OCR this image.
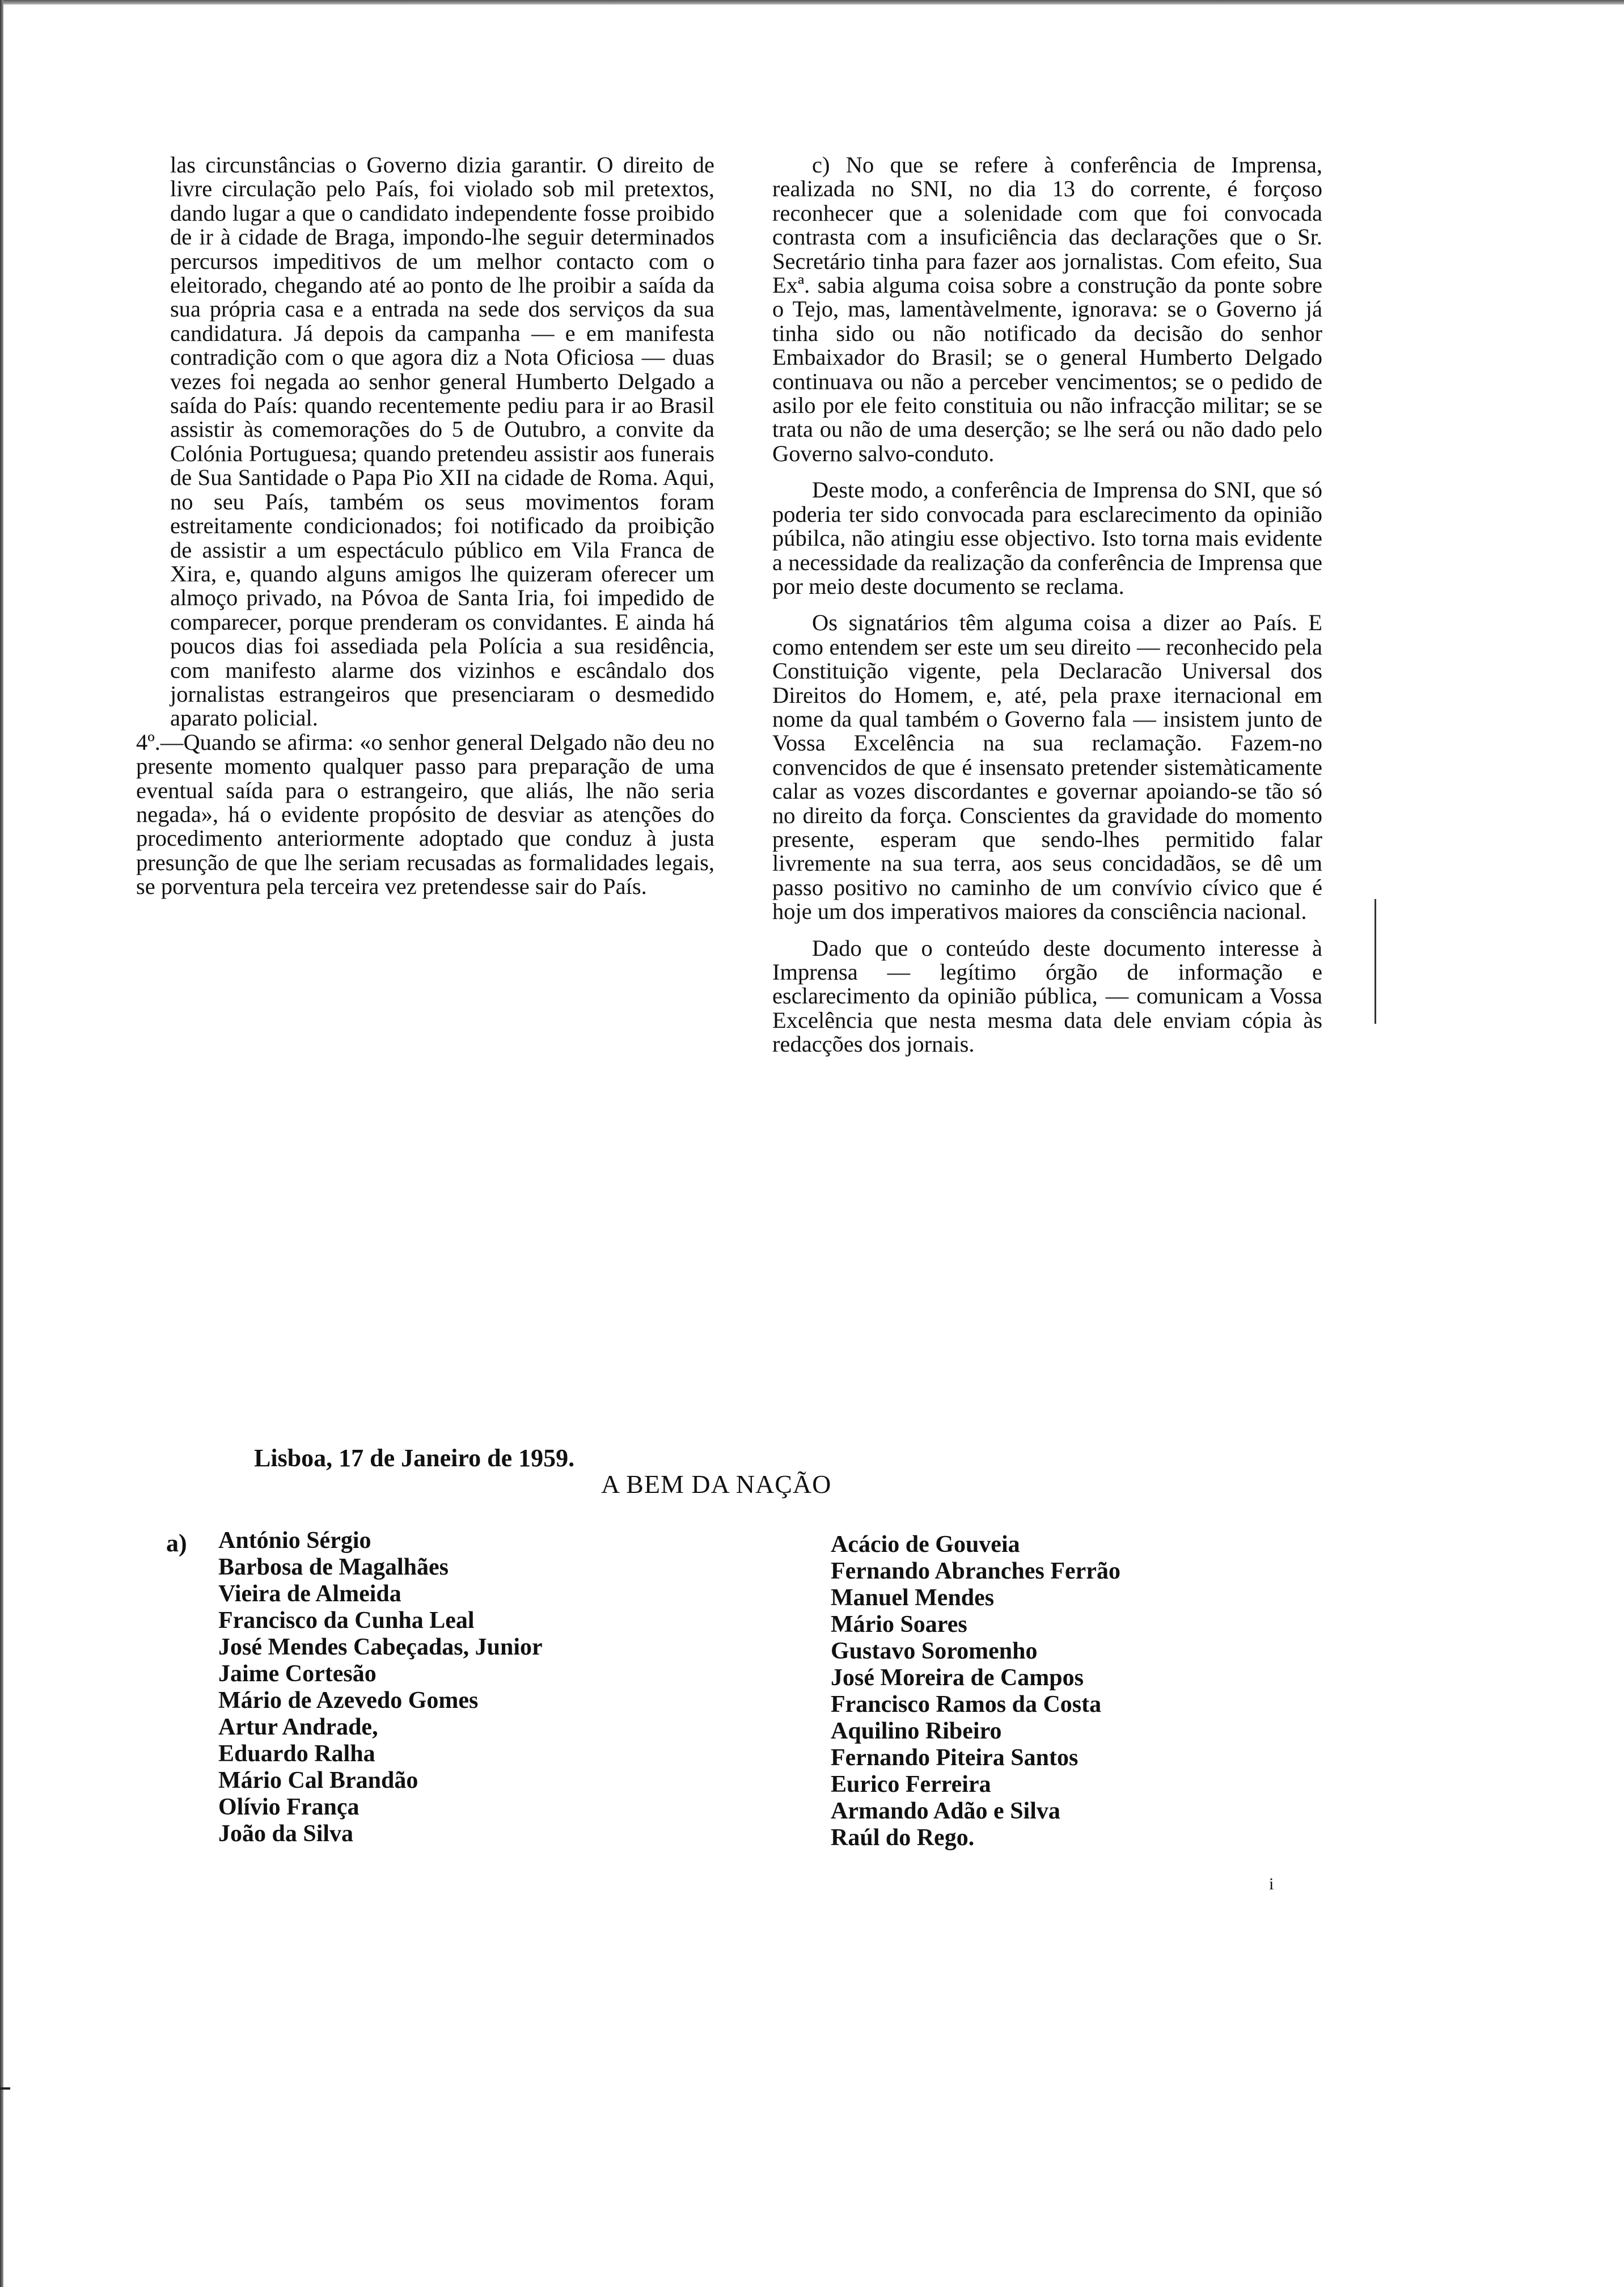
las circunstâncias o Governo dizia garantir. O direito de livre circulação pelo País, foi violado sob mil pretextos, dando lugar a que o candidato independente fosse proibido de ir à cidade de Braga, impondo-lhe seguir determinados percursos impeditivos de um melhor contacto com o eleitorado, chegando até ao ponto de lhe proibir a saída da sua própria casa e a entrada na sede dos serviços da sua candidatura. Já depois da campanha — e em manifesta contradição com o que agora diz a Nota Oficiosa — duas vezes foi negada ao senhor general Humberto Delgado a saída do País: quando recentemente pediu para ir ao Brasil assistir às comemorações do 5 de Outubro, a convite da Colónia Portuguesa; quando pretendeu assistir aos funerais de Sua Santidade o Papa Pio XII na cidade de Roma. Aqui, no seu País, também os seus movimentos foram estreitamente condicionados; foi notificado da proibição de assistir a um espectáculo público em Vila Franca de Xira, e, quando alguns amigos lhe quizeram oferecer um almoço privado, na Póvoa de Santa Iria, foi impedido de comparecer, porque prenderam os convidantes. E ainda há poucos dias foi assediada pela Polícia a sua residência, com manifesto alarme dos vizinhos e escândalo dos jornalistas estrangeiros que presenciaram o desmedido aparato policial.

4º.—Quando se afirma: «o senhor general Delgado não deu no presente momento qualquer passo para preparação de uma eventual saída para o estrangeiro, que aliás, lhe não seria negada», há o evidente propósito de desviar as atenções do procedimento anteriormente adoptado que conduz à justa presunção de que lhe seriam recusadas as formalidades legais, se porventura pela terceira vez pretendesse sair do País.

c) No que se refere à conferência de Imprensa, realizada no SNI, no dia 13 do corrente, é forçoso reconhecer que a solenidade com que foi convocada contrasta com a insuficiência das declarações que o Sr. Secretário tinha para fazer aos jornalistas. Com efeito, Sua Exª. sabia alguma coisa sobre a construção da ponte sobre o Tejo, mas, lamentàvelmente, ignorava: se o Governo já tinha sido ou não notificado da decisão do senhor Embaixador do Brasil; se o general Humberto Delgado continuava ou não a perceber vencimentos; se o pedido de asilo por ele feito constituia ou não infracção militar; se se trata ou não de uma deserção; se lhe será ou não dado pelo Governo salvo-conduto.

Deste modo, a conferência de Imprensa do SNI, que só poderia ter sido convocada para esclarecimento da opinião púbilca, não atingiu esse objectivo. Isto torna mais evidente a necessidade da realização da conferência de Imprensa que por meio deste documento se reclama.

Os signatários têm alguma coisa a dizer ao País. E como entendem ser este um seu direito — reconhecido pela Constituição vigente, pela Declaracão Universal dos Direitos do Homem, e, até, pela praxe iternacional em nome da qual também o Governo fala — insistem junto de Vossa Excelência na sua reclamação. Fazem-no convencidos de que é insensato pretender sistemàticamente calar as vozes discordantes e governar apoiando-se tão só no direito da força. Conscientes da gravidade do momento presente, esperam que sendo-lhes permitido falar livremente na sua terra, aos seus concidadãos, se dê um passo positivo no caminho de um convívio cívico que é hoje um dos imperativos maiores da consciência nacional.

Dado que o conteúdo deste documento interesse à Imprensa — legítimo órgão de informação e esclarecimento da opinião pública, — comunicam a Vossa Excelência que nesta mesma data dele enviam cópia às redacções dos jornais.

Lisboa, 17 de Janeiro de 1959.
A BEM DA NAÇÃO
a) António Sérgio
Barbosa de Magalhães
Vieira de Almeida
Francisco da Cunha Leal
José Mendes Cabeçadas, Junior
Jaime Cortesão
Mário de Azevedo Gomes
Artur Andrade,
Eduardo Ralha
Mário Cal Brandão
Olívio França
João da Silva
Acácio de Gouveia
Fernando Abranches Ferrão
Manuel Mendes
Mário Soares
Gustavo Soromenho
José Moreira de Campos
Francisco Ramos da Costa
Aquilino Ribeiro
Fernando Piteira Santos
Eurico Ferreira
Armando Adão e Silva
Raúl do Rego.
i
